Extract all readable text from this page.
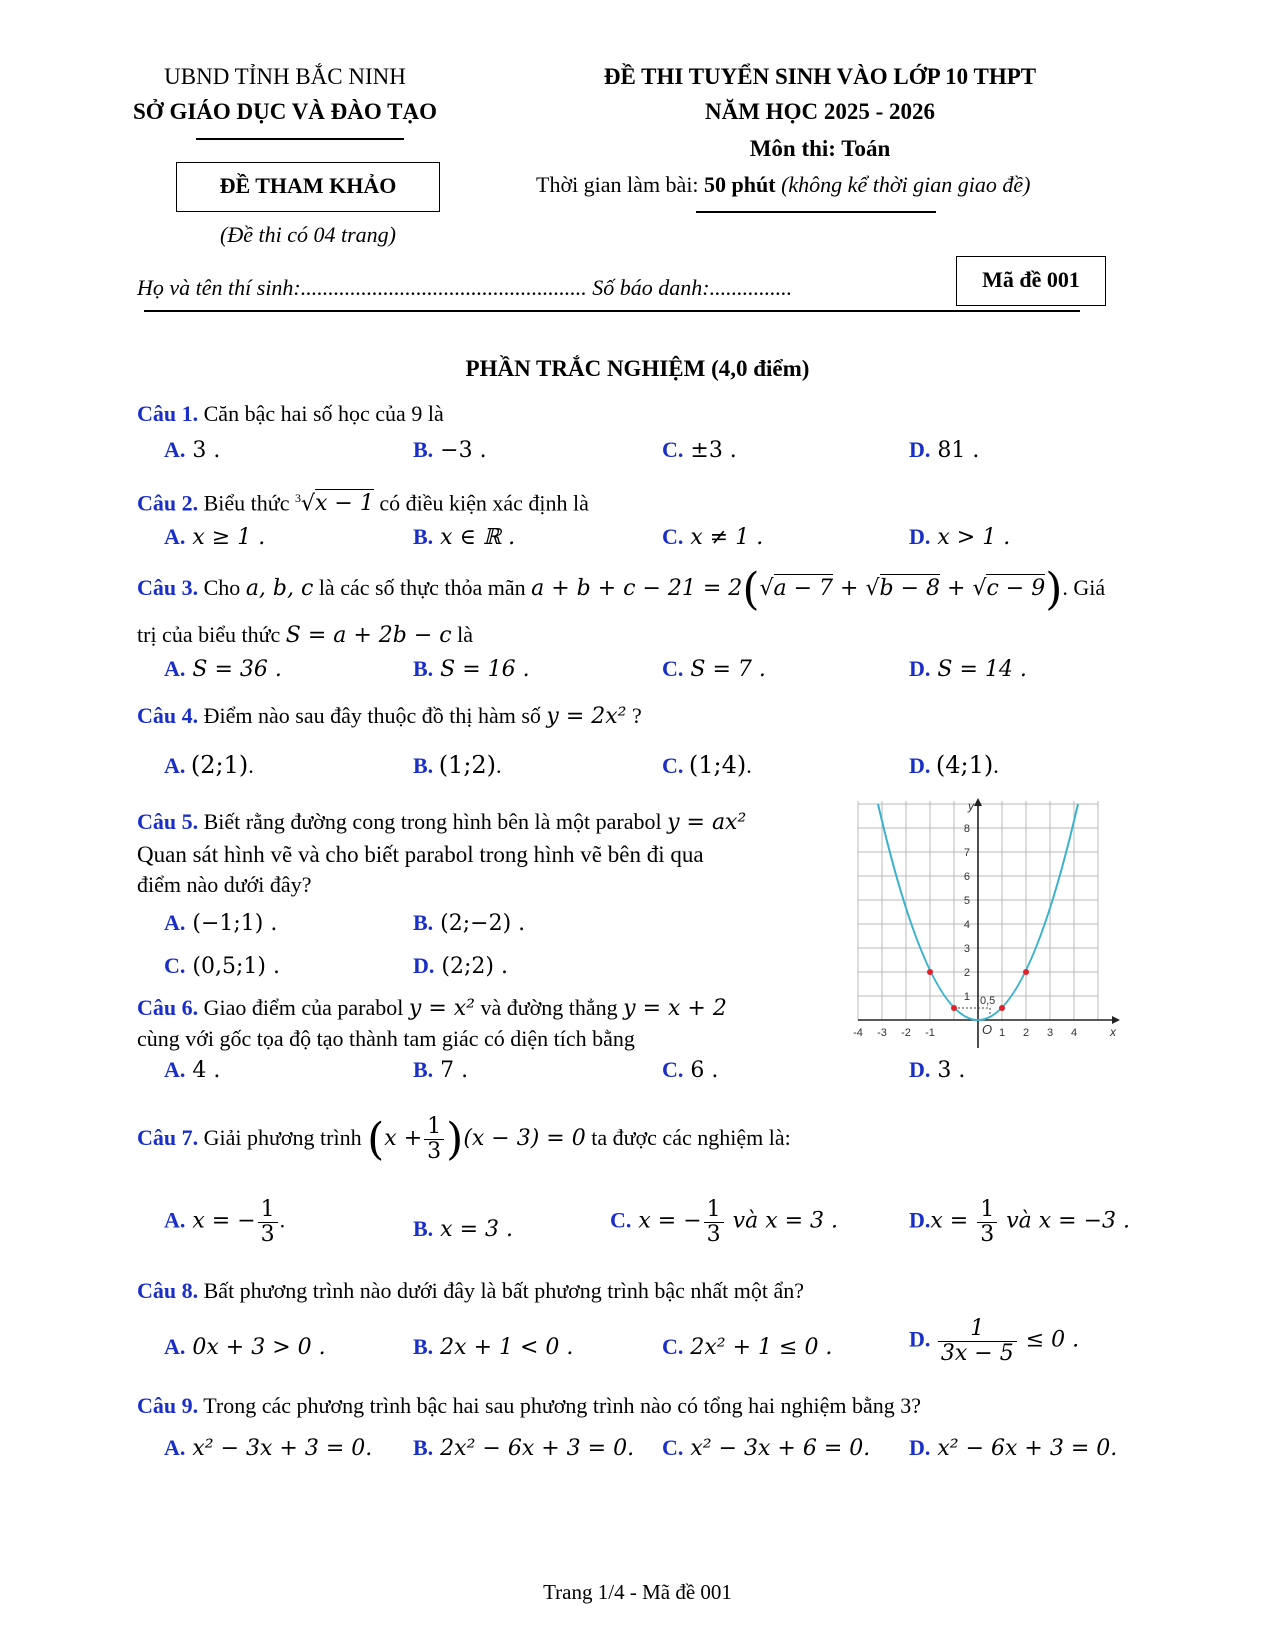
UBND TỈNH BẮC NINH
SỞ GIÁO DỤC VÀ ĐÀO TẠO
ĐỀ THAM KHẢO
(Đề thi có 04 trang)
ĐỀ THI TUYỂN SINH VÀO LỚP 10 THPT
NĂM HỌC 2025 - 2026
Môn thi: Toán
Thời gian làm bài: 50 phút (không kể thời gian giao đề)
Họ và tên thí sinh:.................................................... Số báo danh:...............	Mã đề 001
PHẦN TRẮC NGHIỆM (4,0 điểm)
Câu 1. Căn bậc hai số học của 9 là
A. 3 .	B. −3 .	C. ±3 .	D. 81 .
Câu 2. Biểu thức $^3$√x − 1 có điều kiện xác định là
A. x ≥ 1 .	B. x ∈ ℝ .	C. x ≠ 1 .	D. x > 1 .
Câu 3. Cho a, b, c là các số thực thỏa mãn a + b + c − 21 = 2(√a − 7 + √b − 8 + √c − 9). Giá
trị của biểu thức S = a + 2b − c là
A. S = 36 .	B. S = 16 .	C. S = 7 .	D. S = 14 .
Câu 4. Điểm nào sau đây thuộc đồ thị hàm số y = 2x² ?
A. (2;1).	B. (1;2).	C. (1;4).	D. (4;1).
Câu 5. Biết rằng đường cong trong hình bên là một parabol y = ax²
Quan sát hình vẽ và cho biết parabol trong hình vẽ bên đi qua
điểm nào dưới đây?
A. (−1;1) .	B. (2;−2) .
C. (0,5;1) .	D. (2;2) .
-4 -3 -2 -1	1 2 3 4
1
2
3
4
5
6
7
8
0,5
O
y
x
Câu 6. Giao điểm của parabol y = x² và đường thẳng y = x + 2
cùng với gốc tọa độ tạo thành tam giác có diện tích bằng
A. 4 .	B. 7 .	C. 6 .	D. 3 .
Câu 7. Giải phương trình $(x + \frac{1}{3} )(x - 3) = 0$ ta được các nghiệm là:
A. x = − $\frac{1}{3}$ .	B. x = 3 .	C. x = − $\frac{1}{3}$ và x = 3 .	$D.x = \frac{1}{3}$ và x = −3 .
Câu 8. Bất phương trình nào dưới đây là bất phương trình bậc nhất một ẩn?
A. 0x + 3 > 0 .	B. 2x + 1 < 0 .	C. 2x² + 1 ≤ 0 .	D. $\frac{1}{3x - 5} \le 0$ .
Câu 9. Trong các phương trình bậc hai sau phương trình nào có tổng hai nghiệm bằng 3?
A. x² − 3x + 3 = 0. B. 2x² − 6x + 3 = 0. C. x² − 3x + 6 = 0. D. x² − 6x + 3 = 0.
Trang 1/4 - Mã đề 001
